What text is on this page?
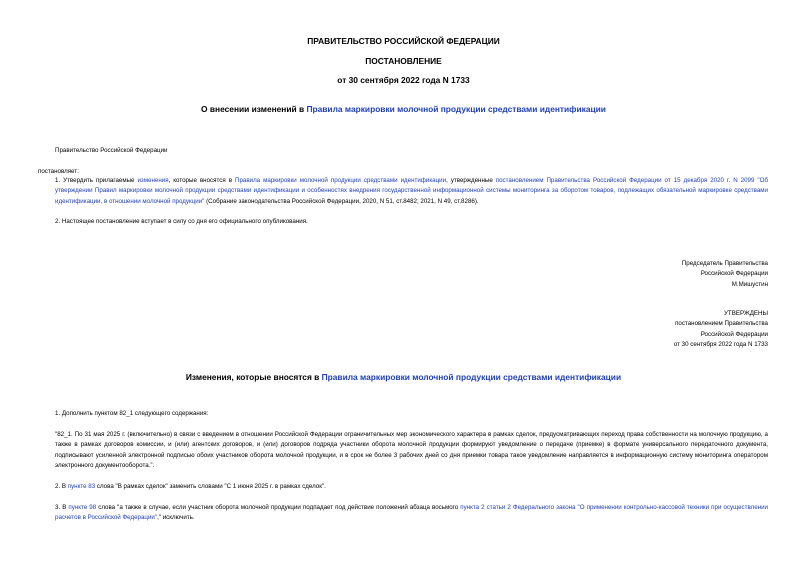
ПРАВИТЕЛЬСТВО РОССИЙСКОЙ ФЕДЕРАЦИИ
ПОСТАНОВЛЕНИЕ
от 30 сентября 2022 года N 1733
О внесении изменений в Правила маркировки молочной продукции средствами идентификации
Правительство Российской Федерации
постановляет:

1. Утвердить прилагаемые изменения, которые вносятся в Правила маркировки молочной продукции средствами идентификации, утвержденные постановлением Правительства Российской Федерации от 15 декабря 2020 г. N 2099 "Об утверждении Правил маркировки молочной продукции средствами идентификации и особенностях внедрения государственной информационной системы мониторинга за оборотом товаров, подлежащих обязательной маркировке средствами идентификации, в отношении молочной продукции" (Собрание законодательства Российской Федерации, 2020, N 51, ст.8482; 2021, N 49, ст.8286).

2. Настоящее постановление вступает в силу со дня его официального опубликования.
Председатель Правительства
Российской Федерации
М.Мишустин
УТВЕРЖДЕНЫ
постановлением Правительства
Российской Федерации
от 30 сентября 2022 года N 1733
Изменения, которые вносятся в Правила маркировки молочной продукции средствами идентификации
1. Дополнить пунктом 82_1 следующего содержания:

"82_1. По 31 мая 2025 г. (включительно) в связи с введением в отношении Российской Федерации ограничительных мер экономического характера в рамках сделок, предусматривающих переход права собственности на молочную продукцию, а также в рамках договоров комиссии, и (или) агентских договоров, и (или) договоров подряда участники оборота молочной продукции формируют уведомление о передаче (приемке) в формате универсального передаточного документа, подписывают усиленной электронной подписью обоих участников оборота молочной продукции, и в срок не более 3 рабочих дней со дня приемки товара такое уведомление направляется в информационную систему мониторинга оператором электронного документооборота.".

2. В пункте 83 слова "В рамках сделок" заменить словами "С 1 июня 2025 г. в рамках сделок".

3. В пункте 98 слова "а также в случае, если участник оборота молочной продукции подпадает под действие положений абзаца восьмого пункта 2 статьи 2 Федерального закона "О применении контрольно-кассовой техники при осуществлении расчетов в Российской Федерации"," исключить.
